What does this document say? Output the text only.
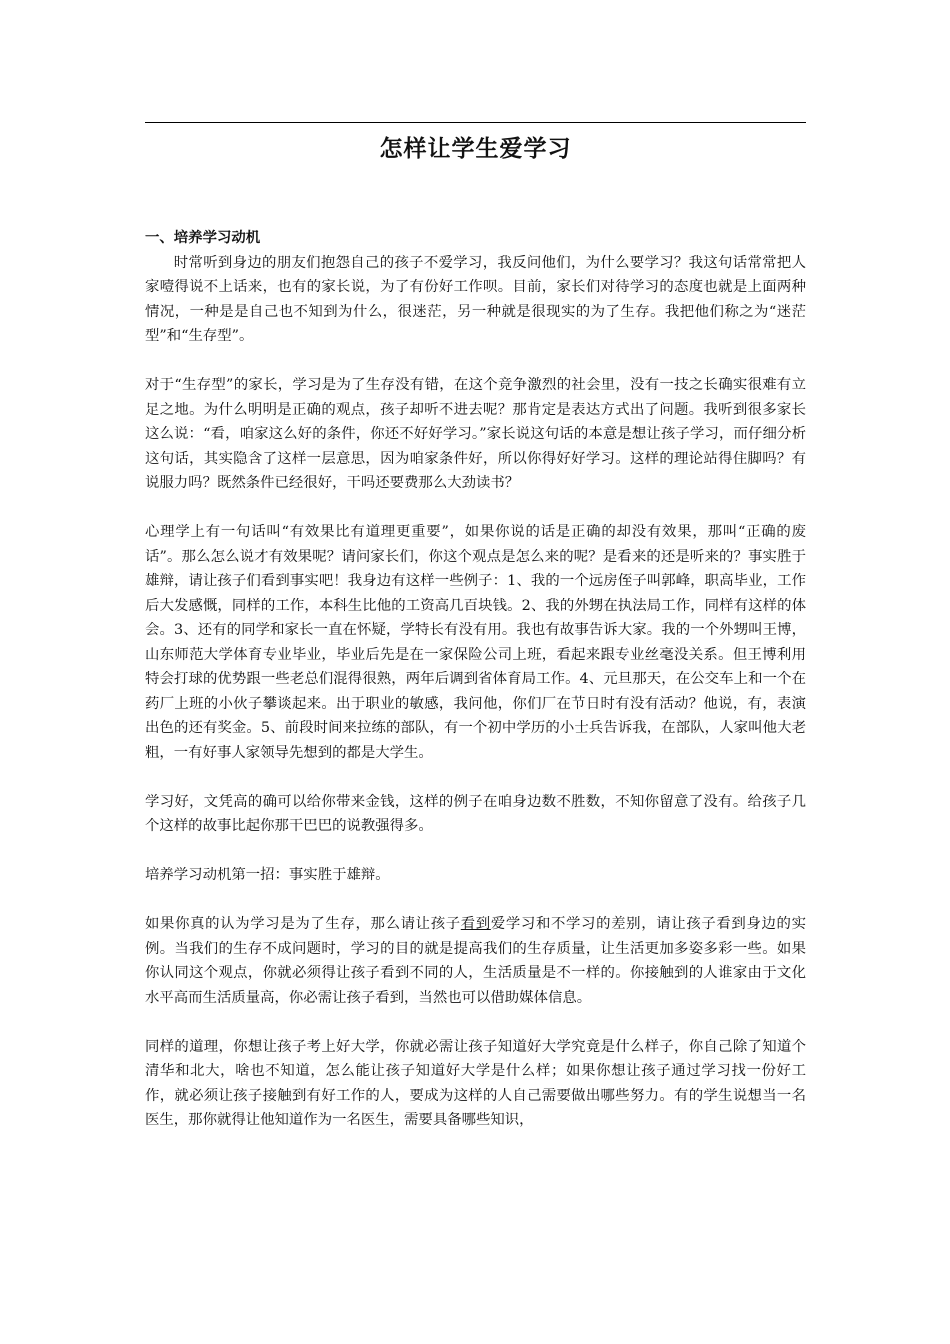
怎样让学生爱学习
一、培养学习动机

时常听到身边的朋友们抱怨自己的孩子不爱学习，我反问他们，为什么要学习？我这句话常常把人家噎得说不上话来，也有的家长说，为了有份好工作呗。目前，家长们对待学习的态度也就是上面两种情况，一种是是自己也不知到为什么，很迷茫，另一种就是很现实的为了生存。我把他们称之为“迷茫型”和“生存型”。

对于“生存型”的家长，学习是为了生存没有错，在这个竞争激烈的社会里，没有一技之长确实很难有立足之地。为什么明明是正确的观点，孩子却听不进去呢？那肯定是表达方式出了问题。我听到很多家长这么说：“看，咱家这么好的条件，你还不好好学习。”家长说这句话的本意是想让孩子学习，而仔细分析这句话，其实隐含了这样一层意思，因为咱家条件好，所以你得好好学习。这样的理论站得住脚吗？有说服力吗？既然条件已经很好，干吗还要费那么大劲读书？

心理学上有一句话叫“有效果比有道理更重要”，如果你说的话是正确的却没有效果，那叫“正确的废话”。那么怎么说才有效果呢？请问家长们，你这个观点是怎么来的呢？是看来的还是听来的？事实胜于雄辩，请让孩子们看到事实吧！我身边有这样一些例子：1、我的一个远房侄子叫郭峰，职高毕业，工作后大发感慨，同样的工作，本科生比他的工资高几百块钱。2、我的外甥在执法局工作，同样有这样的体会。3、还有的同学和家长一直在怀疑，学特长有没有用。我也有故事告诉大家。我的一个外甥叫王博，山东师范大学体育专业毕业，毕业后先是在一家保险公司上班，看起来跟专业丝毫没关系。但王博利用特会打球的优势跟一些老总们混得很熟，两年后调到省体育局工作。4、元旦那天，在公交车上和一个在药厂上班的小伙子攀谈起来。出于职业的敏感，我问他，你们厂在节日时有没有活动？他说，有，表演出色的还有奖金。5、前段时间来拉练的部队，有一个初中学历的小士兵告诉我，在部队，人家叫他大老粗，一有好事人家领导先想到的都是大学生。

学习好，文凭高的确可以给你带来金钱，这样的例子在咱身边数不胜数，不知你留意了没有。给孩子几个这样的故事比起你那干巴巴的说教强得多。

培养学习动机第一招：事实胜于雄辩。

如果你真的认为学习是为了生存，那么请让孩子看到爱学习和不学习的差别，请让孩子看到身边的实例。当我们的生存不成问题时，学习的目的就是提高我们的生存质量，让生活更加多姿多彩一些。如果你认同这个观点，你就必须得让孩子看到不同的人，生活质量是不一样的。你接触到的人谁家由于文化水平高而生活质量高，你必需让孩子看到，当然也可以借助媒体信息。

同样的道理，你想让孩子考上好大学，你就必需让孩子知道好大学究竟是什么样子，你自己除了知道个清华和北大，啥也不知道，怎么能让孩子知道好大学是什么样；如果你想让孩子通过学习找一份好工作，就必须让孩子接触到有好工作的人，要成为这样的人自己需要做出哪些努力。有的学生说想当一名医生，那你就得让他知道作为一名医生，需要具备哪些知识，
